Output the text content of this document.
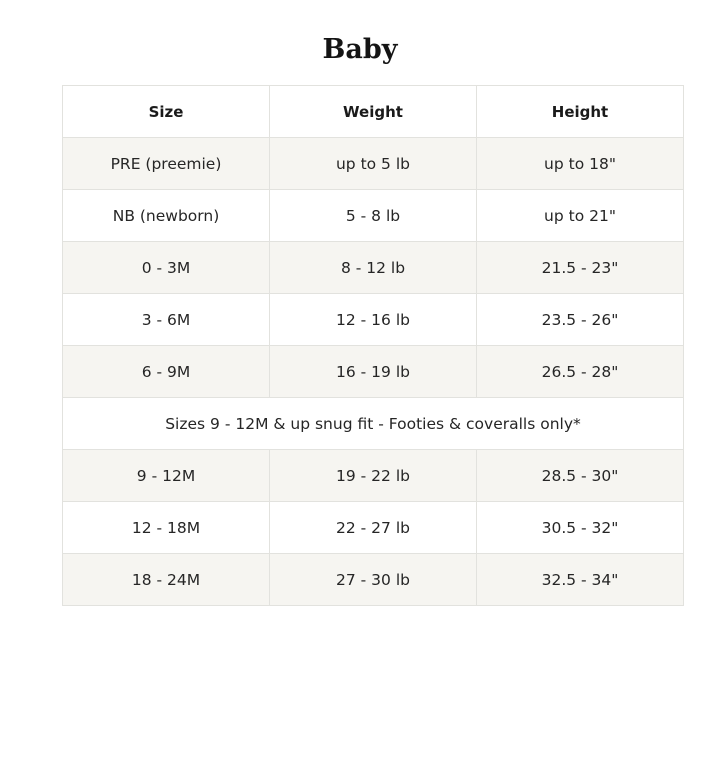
Baby
Size	Weight	Height
PRE (preemie)	up to 5 lb	up to 18"
NB (newborn)	5 - 8 lb	up to 21"
0 - 3M	8 - 12 lb	21.5 - 23"
3 - 6M	12 - 16 lb	23.5 - 26"
6 - 9M	16 - 19 lb	26.5 - 28"
Sizes 9 - 12M & up snug fit - Footies & coveralls only*		
9 - 12M	19 - 22 lb	28.5 - 30"
12 - 18M	22 - 27 lb	30.5 - 32"
18 - 24M	27 - 30 lb	32.5 - 34"
